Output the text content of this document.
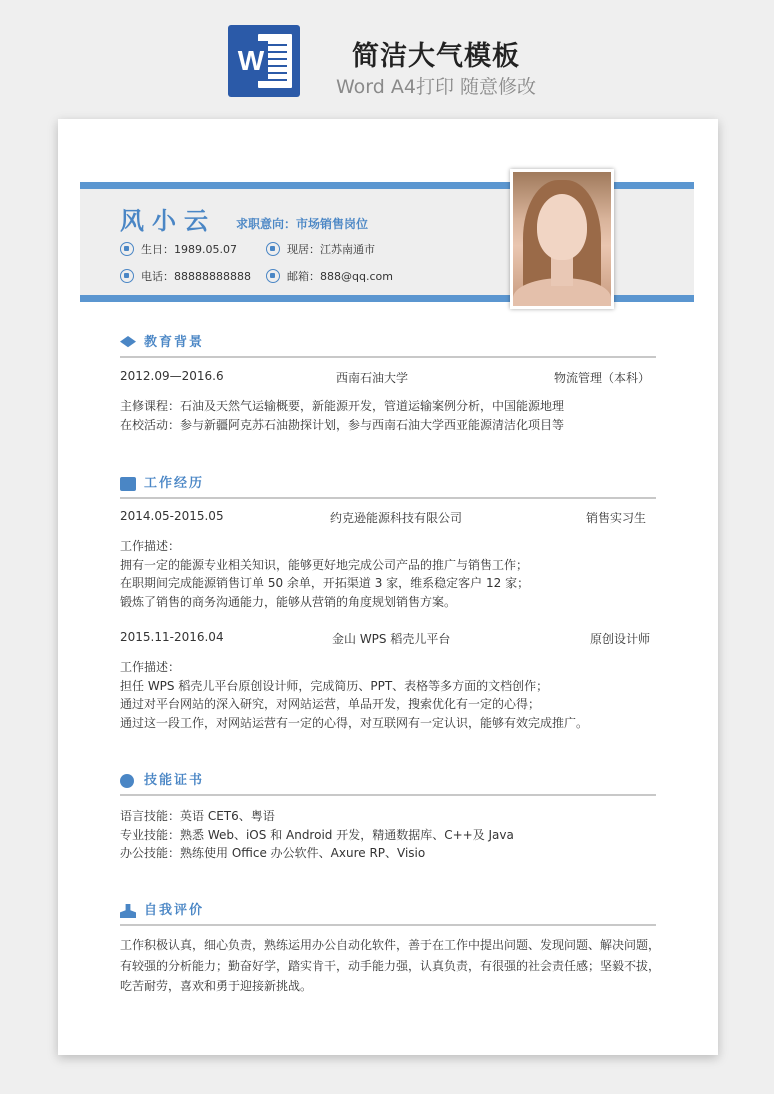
W	简洁大气模板
Word A4打印 随意修改
风小云 求职意向：市场销售岗位
生日：1989.05.07	现居：江苏南通市
电话：88888888888	邮箱：888@qq.com
教育背景
2012.09—2016.6	西南石油大学	物流管理（本科）

主修课程：石油及天然气运输概要，新能源开发，管道运输案例分析，中国能源地理

在校活动：参与新疆阿克苏石油勘探计划，参与西南石油大学西亚能源清洁化项目等

工作经历
2014.05-2015.05	约克逊能源科技有限公司	销售实习生

工作描述：

拥有一定的能源专业相关知识，能够更好地完成公司产品的推广与销售工作；

在职期间完成能源销售订单 50 余单，开拓渠道 3 家，维系稳定客户 12 家；

锻炼了销售的商务沟通能力，能够从营销的角度规划销售方案。

2015.11-2016.04	金山 WPS 稻壳儿平台	原创设计师

工作描述：

担任 WPS 稻壳儿平台原创设计师，完成简历、PPT、表格等多方面的文档创作；

通过对平台网站的深入研究，对网站运营，单品开发，搜索优化有一定的心得；

通过这一段工作，对网站运营有一定的心得，对互联网有一定认识，能够有效完成推广。

技能证书

语言技能：英语 CET6、粤语

专业技能：熟悉 Web、iOS 和 Android 开发，精通数据库、C++及 Java

办公技能：熟练使用 Office 办公软件、Axure RP、Visio

自我评价
工作积极认真，细心负责，熟练运用办公自动化软件，善于在工作中提出问题、发现问题、解决问题，有较强的分析能力；勤奋好学，踏实肯干，动手能力强，认真负责，有很强的社会责任感；坚毅不拔，吃苦耐劳，喜欢和勇于迎接新挑战。
